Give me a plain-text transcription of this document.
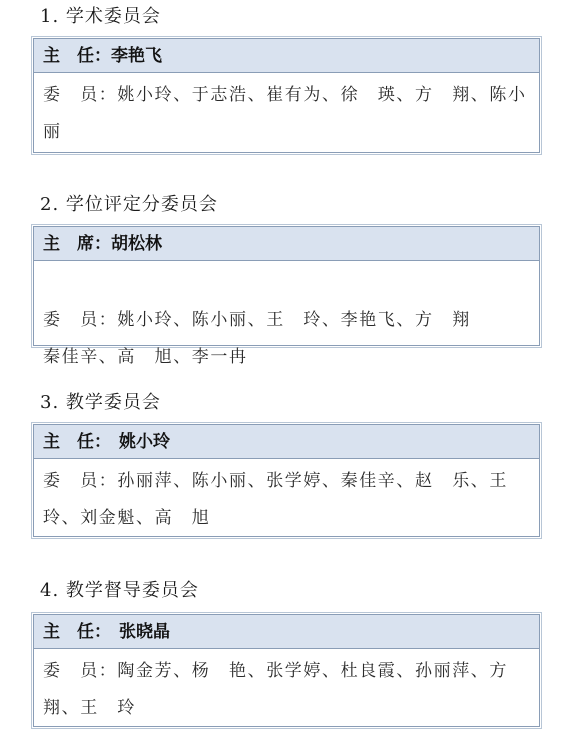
1. 学术委员会
主　任：李艳飞
委　员：姚小玲、于志浩、崔有为、徐　瑛、方　翔、陈小丽
2. 学位评定分委员会
主　席：胡松林

委　员：姚小玲、陈小丽、王　玲、李艳飞、方　翔
秦佳辛、高　旭、李一冉

3. 教学委员会
主　任： 姚小玲
委　员：孙丽萍、陈小丽、张学婷、秦佳辛、赵　乐、王　玲、刘金魁、高　旭
4. 教学督导委员会
主　任： 张晓晶
委　员：陶金芳、杨　艳、张学婷、杜良霞、孙丽萍、方　翔、王　玲
